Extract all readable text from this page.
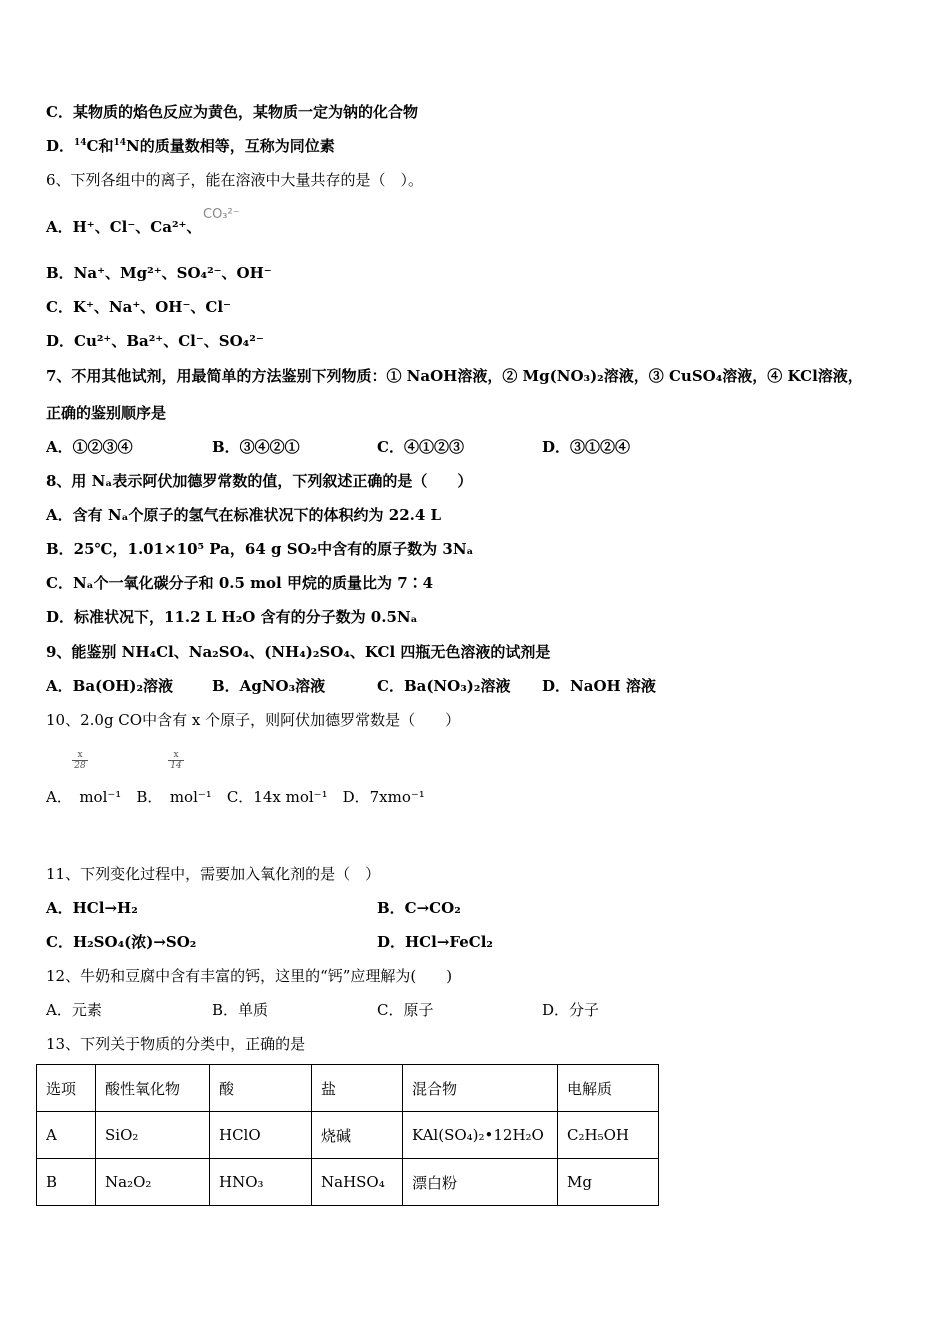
C．某物质的焰色反应为黄色，某物质一定为钠的化合物
D．$^{14}$C和$^{14}$N的质量数相等，互称为同位素
6、下列各组中的离子，能在溶液中大量共存的是（　）。
A．H⁺、Cl⁻、Ca²⁺、
CO₃²⁻
B．Na⁺、Mg²⁺、SO₄²⁻、OH⁻
C．K⁺、Na⁺、OH⁻、Cl⁻
D．Cu²⁺、Ba²⁺、Cl⁻、SO₄²⁻
7、不用其他试剂，用最简单的方法鉴别下列物质：① NaOH溶液，② Mg(NO₃)₂溶液，③ CuSO₄溶液，④ KCl溶液，
正确的鉴别顺序是
A．①②③④	B．③④②①	C．④①②③	D．③①②④
8、用 Nₐ表示阿伏加德罗常数的值，下列叙述正确的是（　　）
A．含有 Nₐ个原子的氢气在标准状况下的体积约为 22.4 L
B．25℃，1.01×10⁵ Pa，64 g SO₂中含有的原子数为 3Nₐ
C．Nₐ个一氧化碳分子和 0.5 mol 甲烷的质量比为 7∶4
D．标准状况下，11.2 L H₂O 含有的分子数为 0.5Nₐ
9、能鉴别 NH₄Cl、Na₂SO₄、(NH₄)₂SO₄、KCl 四瓶无色溶液的试剂是
A．Ba(OH)₂溶液	B．AgNO₃溶液	C．Ba(NO₃)₂溶液 D．NaOH 溶液
10、2.0g CO中含有 x 个原子，则阿伏加德罗常数是（　　）
$\frac{x}{28}$	$\frac{x}{14}$
A．　mol⁻¹　B．　mol⁻¹　C．14x mol⁻¹　D．7xmo⁻¹
11、下列变化过程中，需要加入氧化剂的是（　）
A．HCl→H₂	B．C→CO₂
C．H₂SO₄(浓)→SO₂	D．HCl→FeCl₂
12、牛奶和豆腐中含有丰富的钙，这里的“钙”应理解为(　　)
A．元素	B．单质	C．原子	D．分子
13、下列关于物质的分类中，正确的是
选项	酸性氧化物	酸	盐	混合物	电解质
A	SiO₂	HClO	烧碱	KAl(SO₄)₂•12H₂O	C₂H₅OH
B	Na₂O₂	HNO₃	NaHSO₄	漂白粉	Mg
